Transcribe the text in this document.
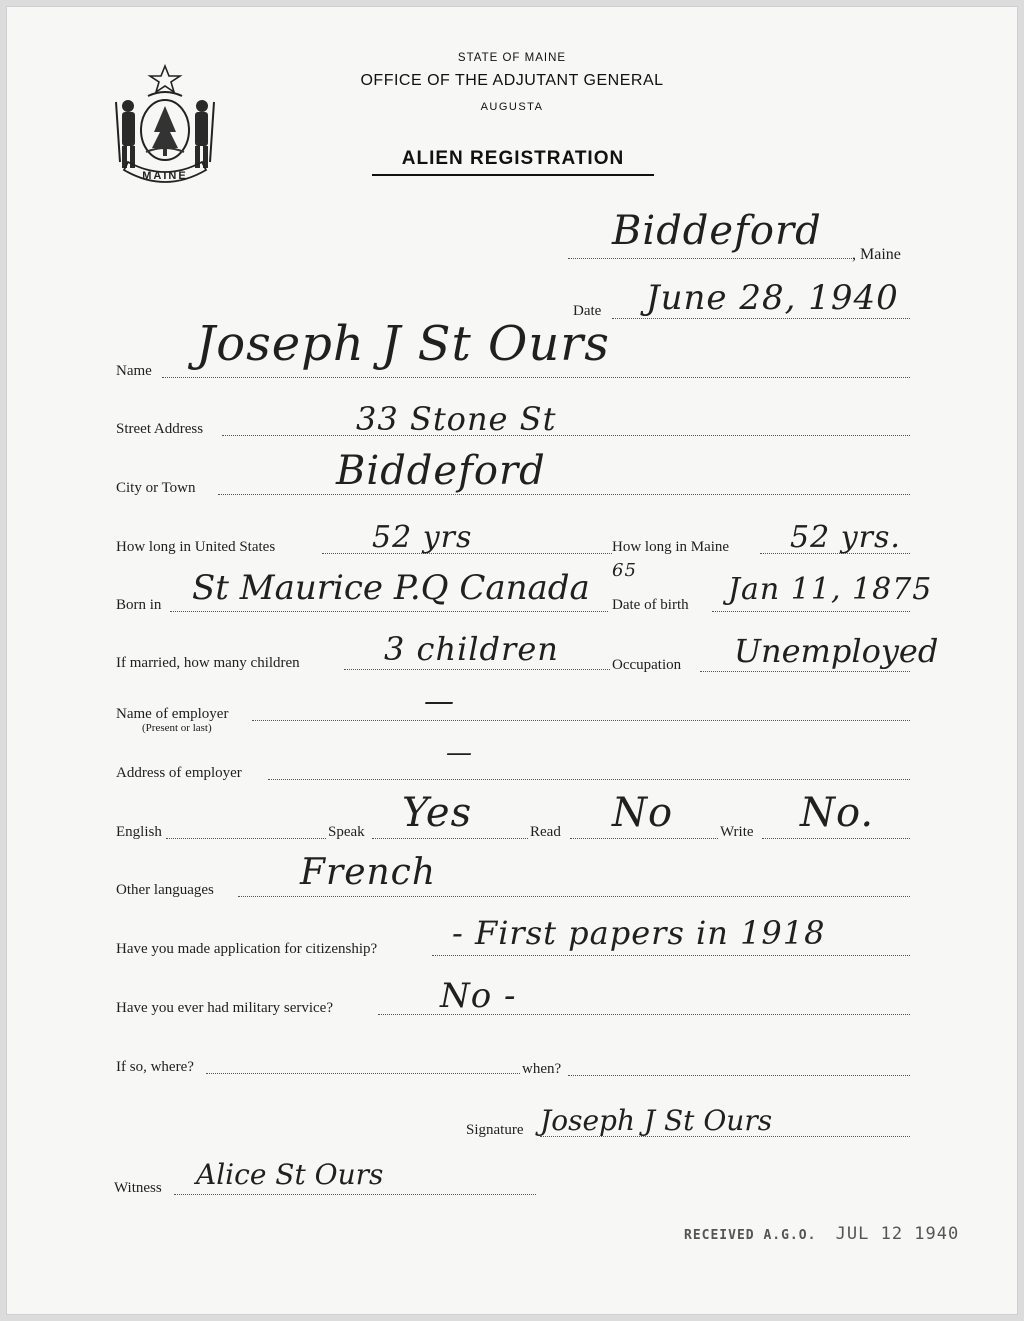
MAINE
STATE OF MAINE
OFFICE OF THE ADJUTANT GENERAL
AUGUSTA
ALIEN REGISTRATION
Biddeford
, Maine
Date June 28, 1940
Name Joseph J St Ours
Street Address	33 Stone St
City or Town	Biddeford
How long in United States	52 yrs	How long in Maine 52 yrs.
Born in St Maurice P.Q Canada 65
Date of birth Jan 11, 1875
If married, how many children	3 children	Occupation Unemployed
Name of employer
(Present or last)
—
Address of employer
—
English	Speak Yes	Read No	Write No.
Other languages French
Have you made application for citizenship? - First papers in 1918
Have you ever had military service?	No -
If so, where?	when?
Signature Joseph J St Ours
Witness Alice St Ours
RECEIVED A.G.O. JUL 12 1940
